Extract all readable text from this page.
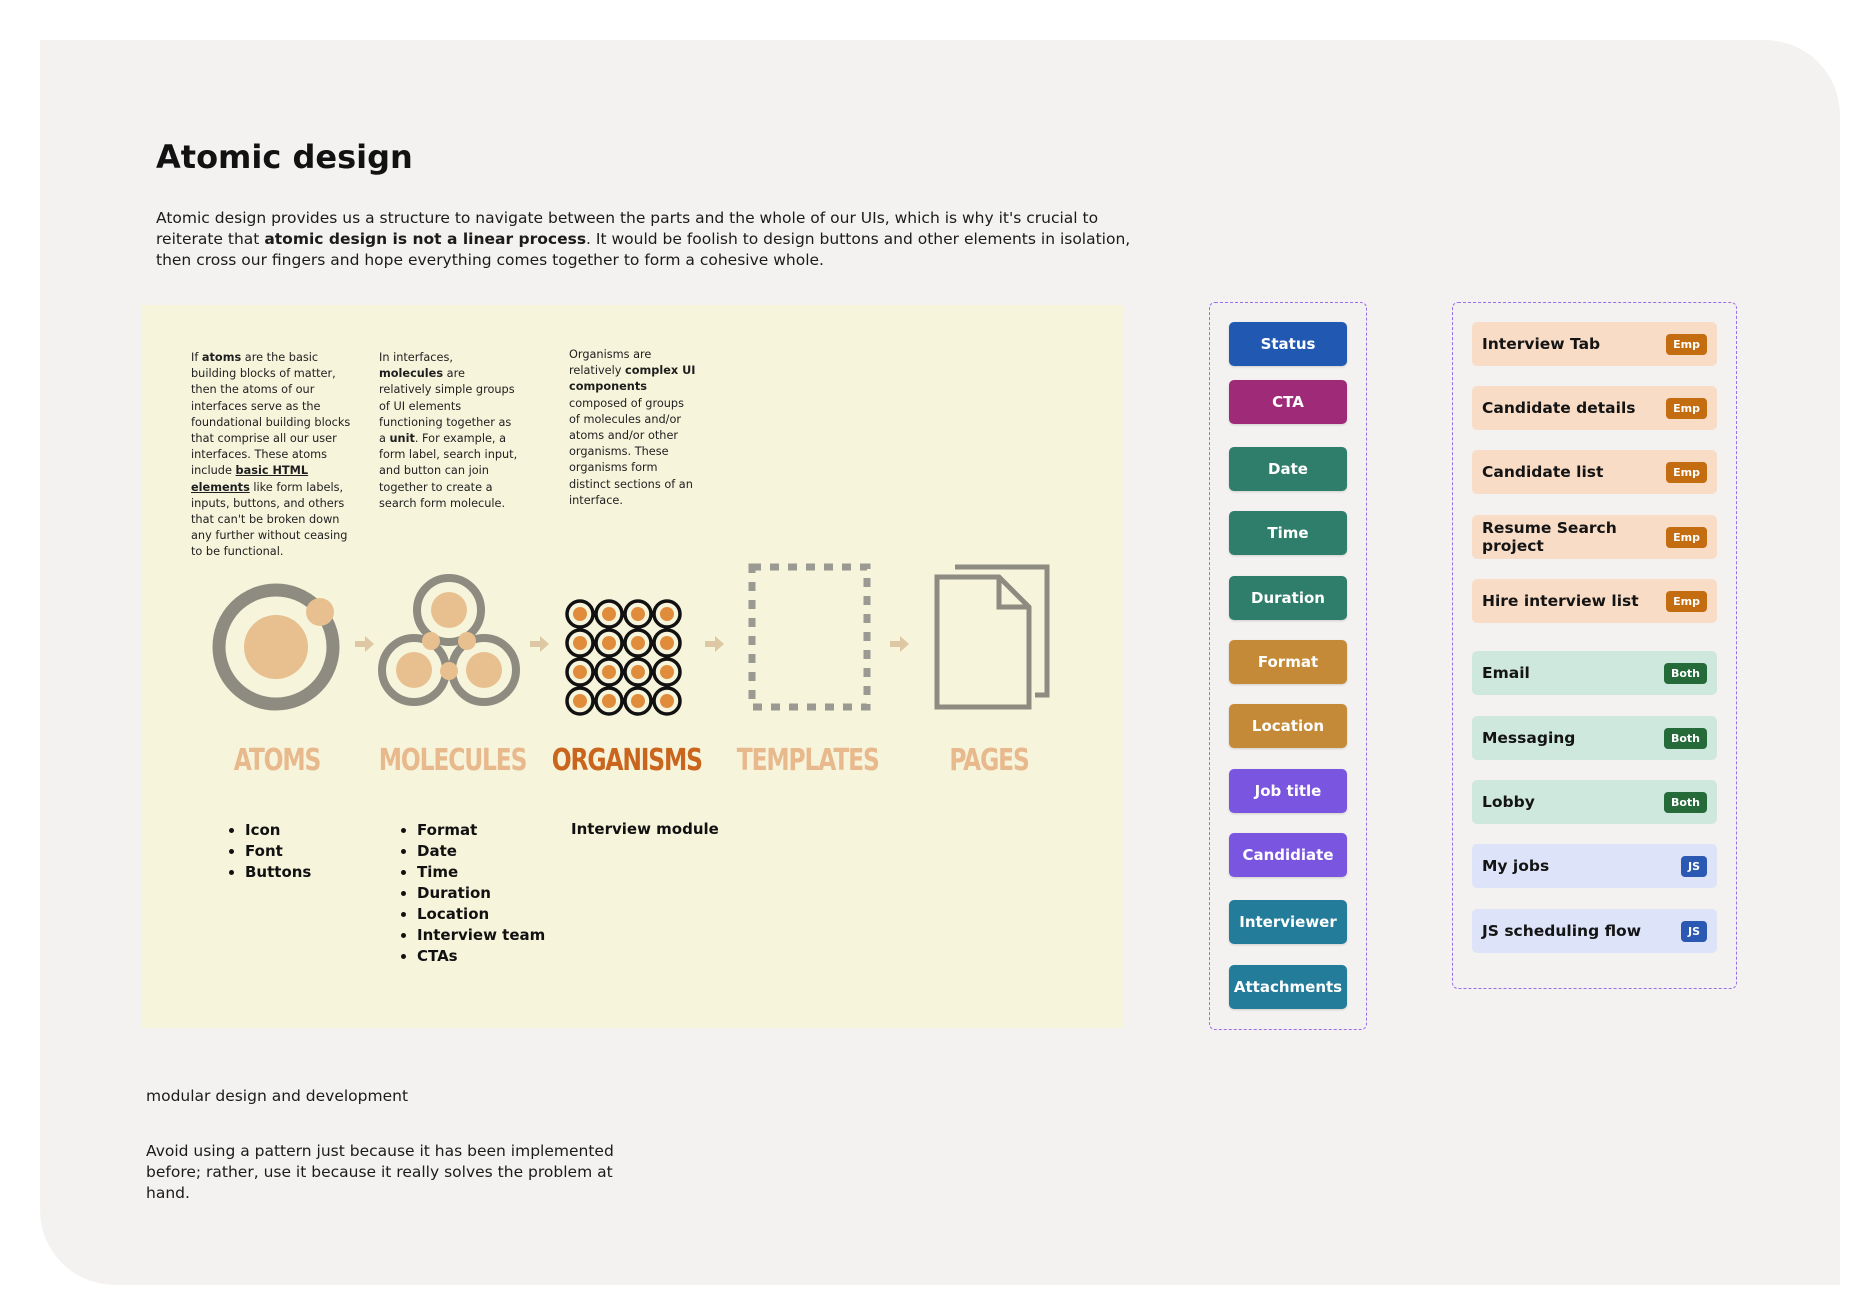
Atomic design

Atomic design provides us a structure to navigate between the parts and the whole of our UIs, which is why it's crucial to reiterate that atomic design is not a linear process. It would be foolish to design buttons and other elements in isolation, then cross our fingers and hope everything comes together to form a cohesive whole.

If atoms are the basic building blocks of matter, then the atoms of our interfaces serve as the foundational building blocks that comprise all our user interfaces. These atoms include basic HTML elements like form labels, inputs, buttons, and others that can't be broken down any further without ceasing to be functional.

In interfaces, molecules are relatively simple groups of UI elements functioning together as a unit. For example, a form label, search input, and button can join together to create a search form molecule.

Organisms are relatively complex UI components composed of groups of molecules and/or atoms and/or other organisms. These organisms form distinct sections of an interface.

ATOMS	MOLECULES ORGANISMS TEMPLATES	PAGES
• Icon
• Font
• Buttons
• Format
• Date
• Time
• Duration
• Location
• Interview team
• CTAs
Interview module
Status
CTA
Date
Time
Duration
Format
Location
Job title
Candidiate
Interviewer
Attachments
Interview Tab	Emp
Candidate details	Emp
Candidate list	Emp
Resume Search project	Emp
Hire interview list	Emp
Email	Both
Messaging	Both
Lobby	Both
My jobs	JS
JS scheduling flow	JS

modular design and development

Avoid using a pattern just because it has been implemented before; rather, use it because it really solves the problem at hand.
